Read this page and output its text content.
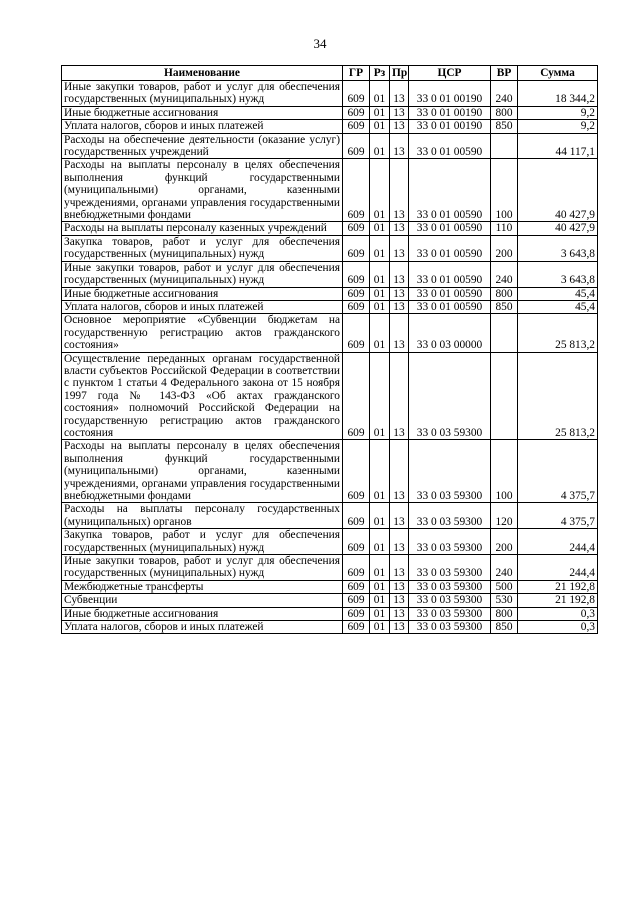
34
Наименование	ГР	Рз	Пр	ЦСР	ВР	Сумма
Иные закупки товаров, работ и услуг для обеспечения государственных (муниципальных) нужд	609	01	13	33 0 01 00190	240	18 344,2
Иные бюджетные ассигнования	609	01	13	33 0 01 00190	800	9,2
Уплата налогов, сборов и иных платежей	609	01	13	33 0 01 00190	850	9,2
Расходы на обеспечение деятельности (оказание услуг) государственных учреждений	609	01	13	33 0 01 00590		44 117,1
Расходы на выплаты персоналу в целях обеспечения выполнения функций государственными (муниципальными) органами, казенными учреждениями, органами управления государственными внебюджетными фондами	609	01	13	33 0 01 00590	100	40 427,9
Расходы на выплаты персоналу казенных учреждений	609	01	13	33 0 01 00590	110	40 427,9
Закупка товаров, работ и услуг для обеспечения государственных (муниципальных) нужд	609	01	13	33 0 01 00590	200	3 643,8
Иные закупки товаров, работ и услуг для обеспечения государственных (муниципальных) нужд	609	01	13	33 0 01 00590	240	3 643,8
Иные бюджетные ассигнования	609	01	13	33 0 01 00590	800	45,4
Уплата налогов, сборов и иных платежей	609	01	13	33 0 01 00590	850	45,4
Основное мероприятие «Субвенции бюджетам на государственную регистрацию актов гражданского состояния»	609	01	13	33 0 03 00000		25 813,2
Осуществление переданных органам государственной власти субъектов Российской Федерации в соответствии с пунктом 1 статьи 4 Федерального закона от 15 ноября 1997 года № 143-ФЗ «Об актах гражданского состояния» полномочий Российской Федерации на государственную регистрацию актов гражданского состояния	609	01	13	33 0 03 59300		25 813,2
Расходы на выплаты персоналу в целях обеспечения выполнения функций государственными (муниципальными) органами, казенными учреждениями, органами управления государственными внебюджетными фондами	609	01	13	33 0 03 59300	100	4 375,7
Расходы на выплаты персоналу государственных (муниципальных) органов	609	01	13	33 0 03 59300	120	4 375,7
Закупка товаров, работ и услуг для обеспечения государственных (муниципальных) нужд	609	01	13	33 0 03 59300	200	244,4
Иные закупки товаров, работ и услуг для обеспечения государственных (муниципальных) нужд	609	01	13	33 0 03 59300	240	244,4
Межбюджетные трансферты	609	01	13	33 0 03 59300	500	21 192,8
Субвенции	609	01	13	33 0 03 59300	530	21 192,8
Иные бюджетные ассигнования	609	01	13	33 0 03 59300	800	0,3
Уплата налогов, сборов и иных платежей	609	01	13	33 0 03 59300	850	0,3
